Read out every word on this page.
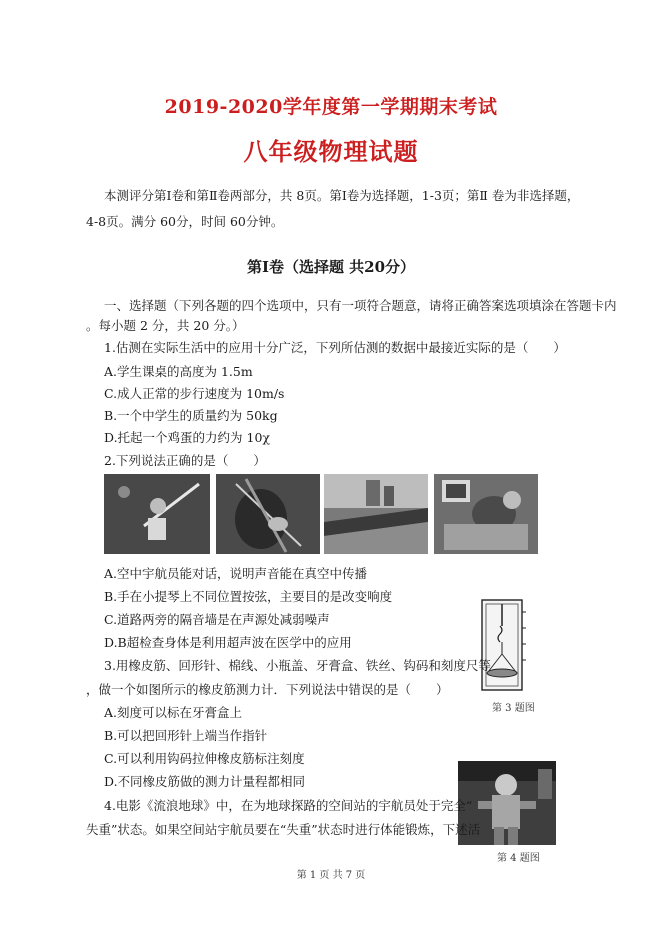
2019-2020学年度第一学期期末考试
八年级物理试题
本测评分第Ⅰ卷和第Ⅱ卷两部分，共 8页。第Ⅰ卷为选择题，1-3页；第Ⅱ 卷为非选择题，
4-8页。满分 60分，时间 60分钟。
第Ⅰ卷（选择题 共20分）
一、选择题（下列各题的四个选项中，只有一项符合题意，请将正确答案选项填涂在答题卡内
。每小题 2 分，共 20 分。）
1.估测在实际生活中的应用十分广泛，下列所估测的数据中最接近实际的是（　　）
A.学生课桌的高度为 1.5m
C.成人正常的步行速度为 10m/s
B.一个中学生的质量约为 50kg
D.托起一个鸡蛋的力约为 10χ
2.下列说法正确的是（　　）
A.空中宇航员能对话，说明声音能在真空中传播
B.手在小提琴上不同位置按弦，主要目的是改变响度
C.道路两旁的隔音墙是在声源处减弱噪声
D.B超检查身体是利用超声波在医学中的应用
第 3 题图
3.用橡皮筋、回形针、棉线、小瓶盖、牙膏盒、铁丝、钩码和刻度尺等
，做一个如图所示的橡皮筋测力计．下列说法中错误的是（　　）
A.刻度可以标在牙膏盒上
B.可以把回形针上端当作指针
C.可以利用钩码拉伸橡皮筋标注刻度
D.不同橡皮筋做的测力计量程都相同
第 4 题图
4.电影《流浪地球》中，在为地球探路的空间站的宇航员处于完全“
失重”状态。如果空间站宇航员要在“失重”状态时进行体能锻炼，下述活
第 1 页 共 7 页
